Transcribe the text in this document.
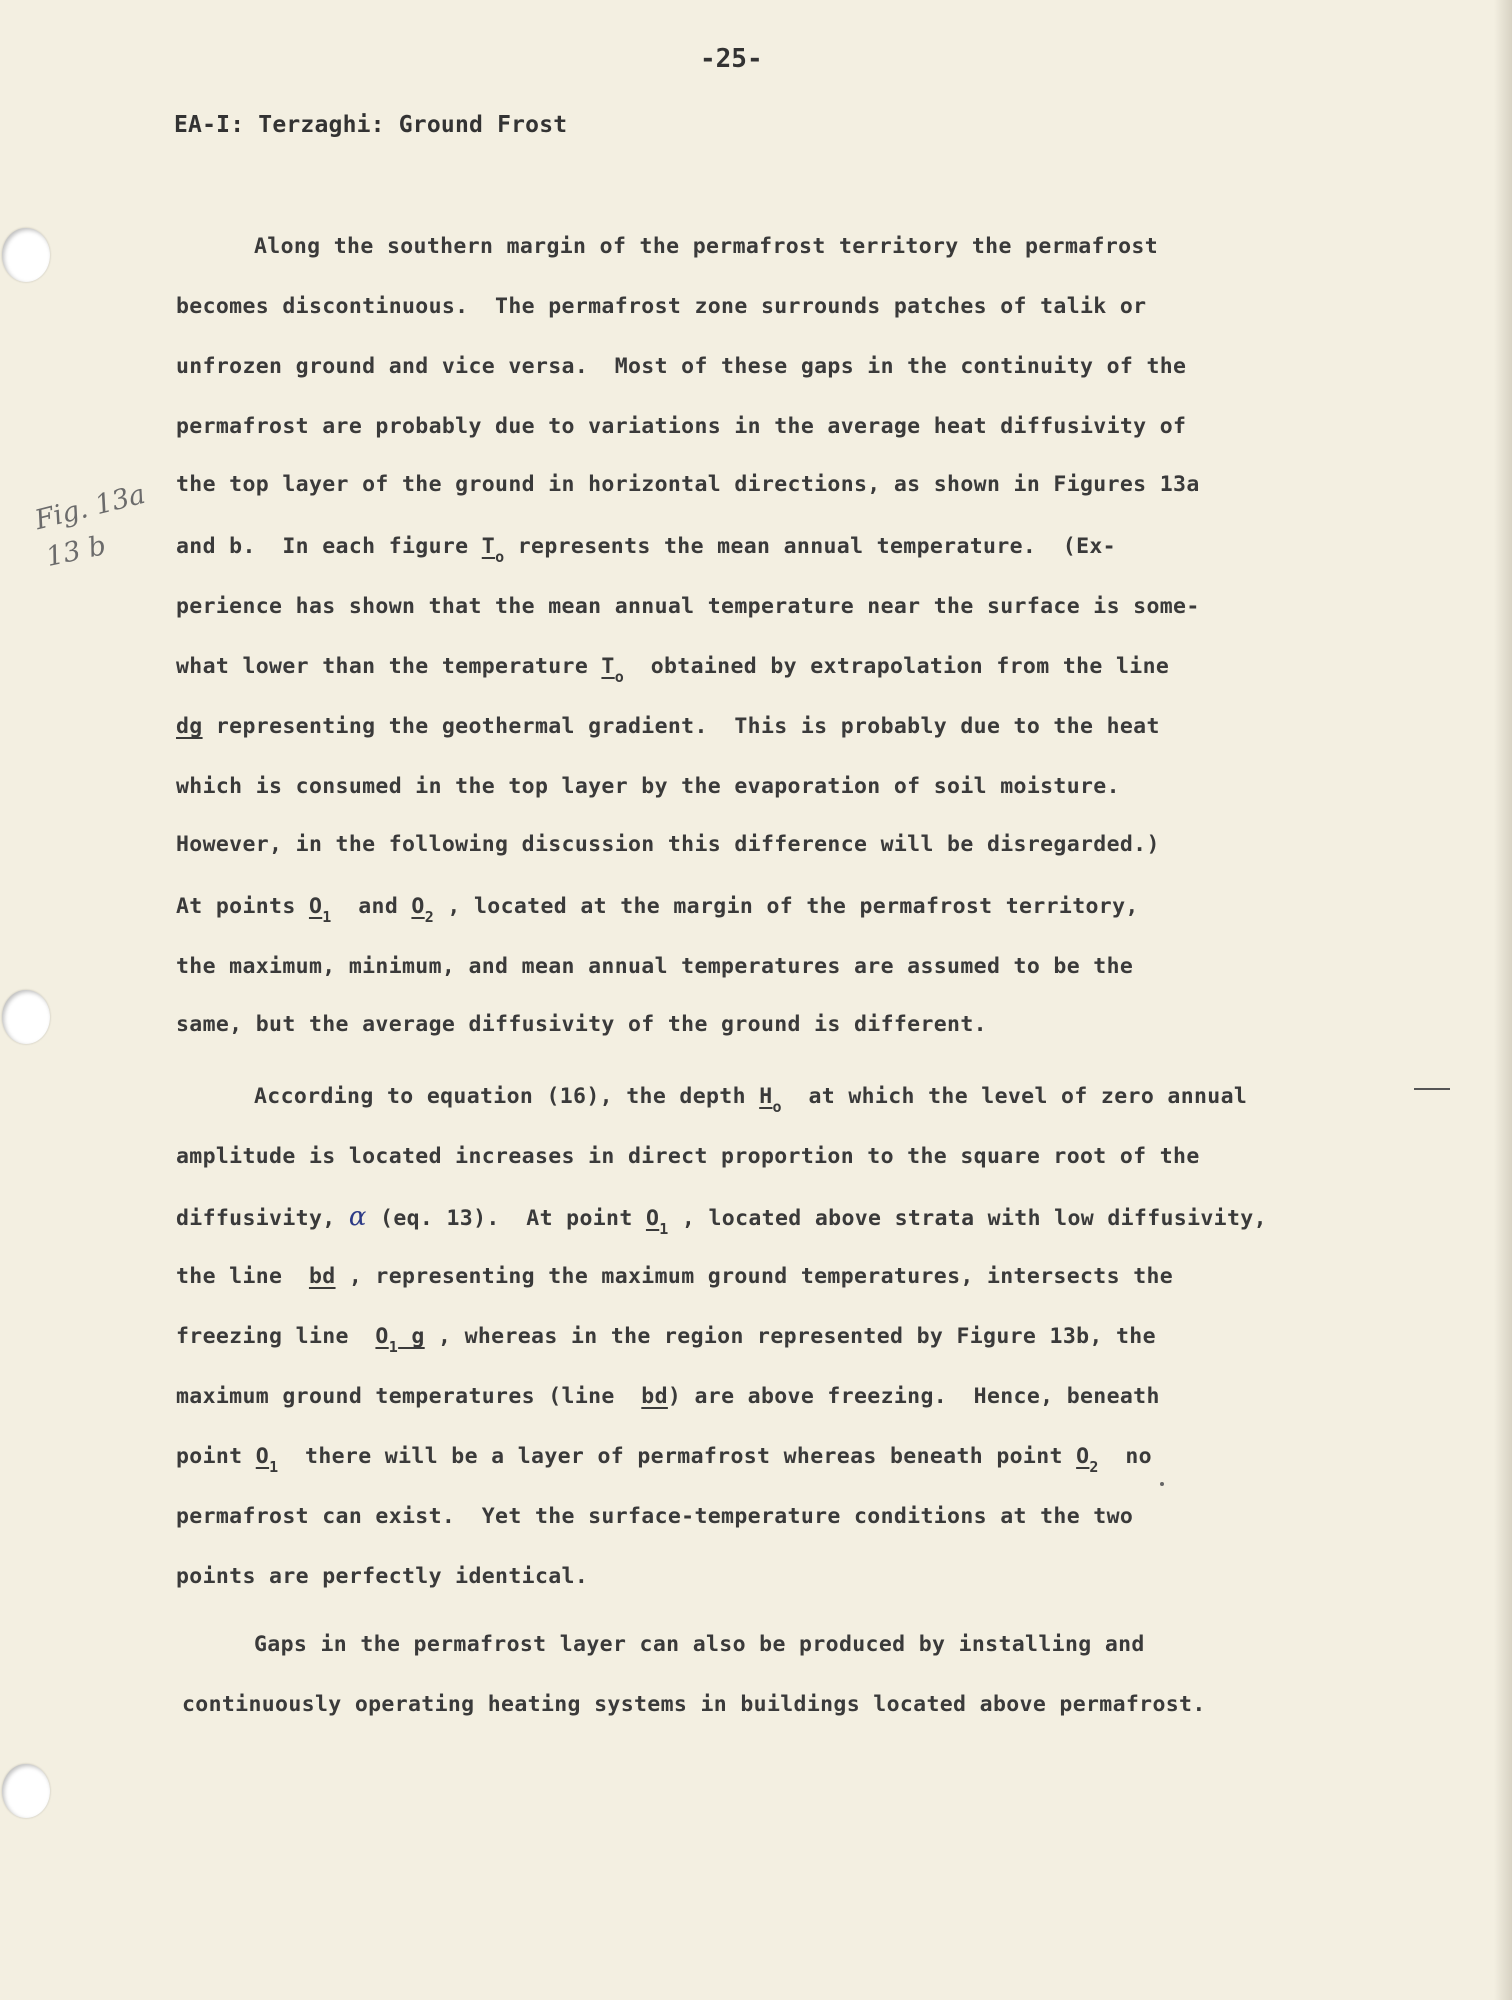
-25-
EA-I: Terzaghi: Ground Frost
Fig. 13a
13 b
Along the southern margin of the permafrost territory the permafrost
becomes discontinuous.  The permafrost zone surrounds patches of talik or
unfrozen ground and vice versa.  Most of these gaps in the continuity of the
permafrost are probably due to variations in the average heat diffusivity of
the top layer of the ground in horizontal directions, as shown in Figures 13a
and b.  In each figure $T_o$ represents the mean annual temperature.  (Ex-
perience has shown that the mean annual temperature near the surface is some-
what lower than the temperature $T_o$  obtained by extrapolation from the line
dg representing the geothermal gradient.  This is probably due to the heat
which is consumed in the top layer by the evaporation of soil moisture.
However, in the following discussion this difference will be disregarded.)
At points $O_1$  and $O_2$ , located at the margin of the permafrost territory,
the maximum, minimum, and mean annual temperatures are assumed to be the
same, but the average diffusivity of the ground is different.
According to equation (16), the depth $H_o$  at which the level of zero annual
amplitude is located increases in direct proportion to the square root of the
diffusivity, α (eq. 13).  At point $O_1$ , located above strata with low diffusivity,
the line  bd , representing the maximum ground temperatures, intersects the
freezing line  $O_1$ g , whereas in the region represented by Figure 13b, the
maximum ground temperatures (line  bd) are above freezing.  Hence, beneath
point $O_1$  there will be a layer of permafrost whereas beneath point $O_2$  no
permafrost can exist.  Yet the surface-temperature conditions at the two
points are perfectly identical.
Gaps in the permafrost layer can also be produced by installing and
continuously operating heating systems in buildings located above permafrost.
